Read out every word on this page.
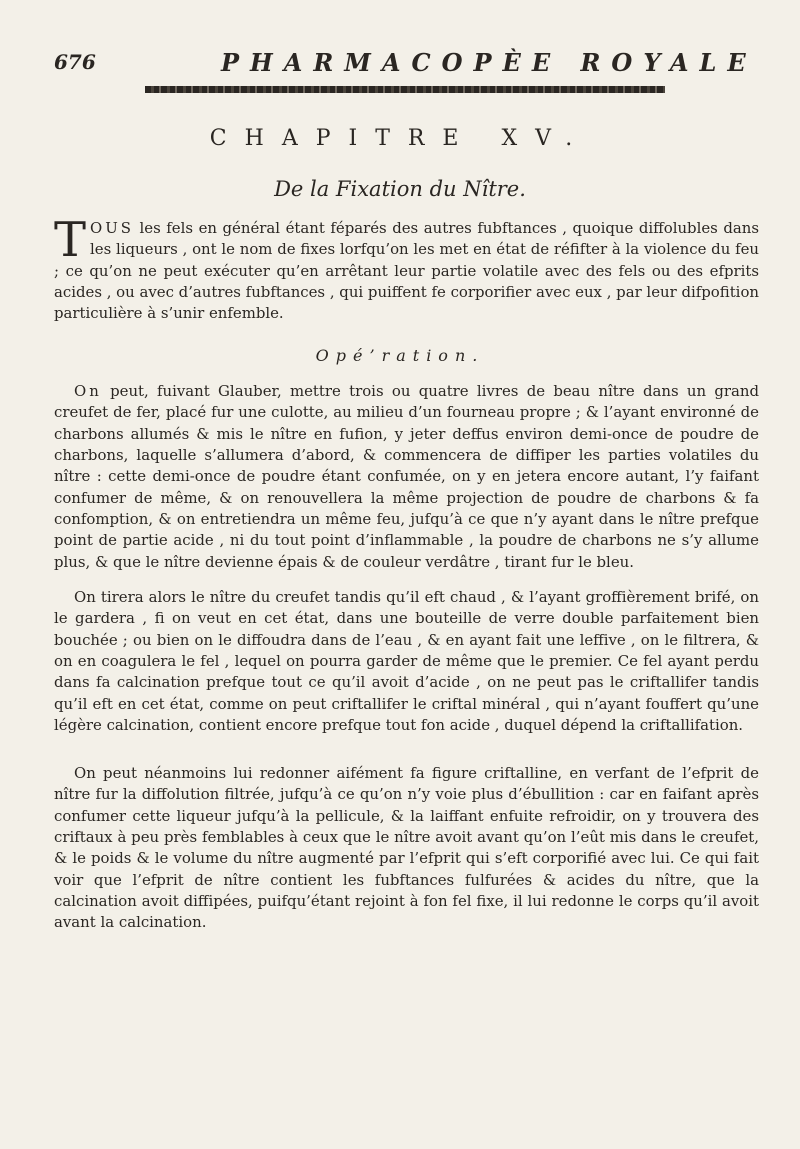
676	PHARMACOPÈE ROYALE
CHAPITRE XV.
De la Fixation du Nître.

TOUS les fels en général étant féparés des autres fubftances , quoique diffolubles dans les liqueurs , ont le nom de fixes lorfqu’on les met en état de réfifter à la violence du feu ; ce qu’on ne peut exécuter qu’en arrêtant leur partie volatile avec des fels ou des efprits acides , ou avec d’autres fubftances , qui puiffent fe corporifier avec eux , par leur difpofition particulière à s’unir enfemble.

Opé’ration.

On peut, fuivant Glauber, mettre trois ou quatre livres de beau nître dans un grand creufet de fer, placé fur une culotte, au milieu d’un fourneau propre ; & l’ayant environné de charbons allumés & mis le nître en fufion, y jeter deffus environ demi-once de poudre de charbons, laquelle s’allumera d’abord, & commencera de diffiper les parties volatiles du nître : cette demi-once de poudre étant confumée, on y en jetera encore autant, l’y faifant confumer de même, & on renouvellera la même projection de poudre de charbons & fa confomption, & on entretiendra un même feu, jufqu’à ce que n’y ayant dans le nître prefque point de partie acide , ni du tout point d’inflammable , la poudre de charbons ne s’y allume plus, & que le nître devienne épais & de couleur verdâtre , tirant fur le bleu.

On tirera alors le nître du creufet tandis qu’il eft chaud , & l’ayant groffièrement brifé, on le gardera , fi on veut en cet état, dans une bouteille de verre double parfaitement bien bouchée ; ou bien on le diffoudra dans de l’eau , & en ayant fait une leffive , on le filtrera, & on en coagulera le fel , lequel on pourra garder de même que le premier. Ce fel ayant perdu dans fa calcination prefque tout ce qu’il avoit d’acide , on ne peut pas le criftallifer tandis qu’il eft en cet état, comme on peut criftallifer le criftal minéral , qui n’ayant fouffert qu’une légère calcination, contient encore prefque tout fon acide , duquel dépend la criftallifation.

On peut néanmoins lui redonner aifément fa figure criftalline, en verfant de l’efprit de nître fur la diffolution filtrée, jufqu’à ce qu’on n’y voie plus d’ébullition : car en faifant après confumer cette liqueur jufqu’à la pellicule, & la laiffant enfuite refroidir, on y trouvera des criftaux à peu près femblables à ceux que le nître avoit avant qu’on l’eût mis dans le creufet, & le poids & le volume du nître augmenté par l’efprit qui s’eft corporifié avec lui. Ce qui fait voir que l’efprit de nître contient les fubftances fulfurées & acides du nître, que la calcination avoit diffipées, puifqu’étant rejoint à fon fel fixe, il lui redonne le corps qu’il avoit avant la calcination.
